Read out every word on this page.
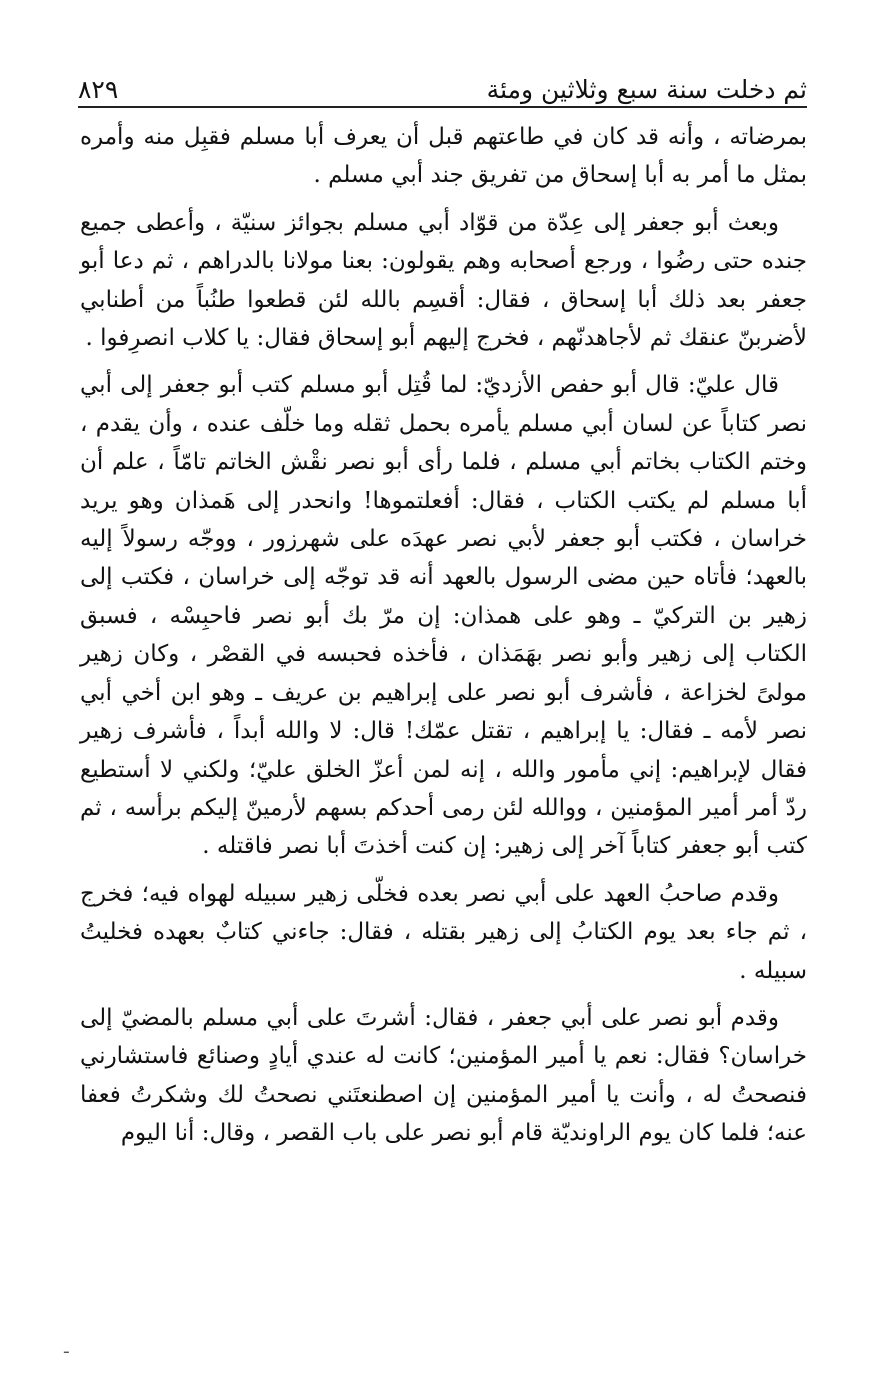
ثم دخلت سنة سبع وثلاثين ومئة
٨٢٩

بمرضاته ، وأنه قد كان في طاعتهم قبل أن يعرف أبا مسلم فقبِل منه وأمره بمثل ما أمر به أبا إسحاق من تفريق جند أبي مسلم .

وبعث أبو جعفر إلى عِدّة من قوّاد أبي مسلم بجوائز سنيّة ، وأعطى جميع جنده حتى رضُوا ، ورجع أصحابه وهم يقولون: بعنا مولانا بالدراهم ، ثم دعا أبو جعفر بعد ذلك أبا إسحاق ، فقال: أقسِم بالله لئن قطعوا طنُباً من أطنابي لأضربنّ عنقك ثم لأجاهدنّهم ، فخرج إليهم أبو إسحاق فقال: يا كلاب انصرِفوا .

قال عليّ: قال أبو حفص الأزديّ: لما قُتِل أبو مسلم كتب أبو جعفر إلى أبي نصر كتاباً عن لسان أبي مسلم يأمره بحمل ثقله وما خلّف عنده ، وأن يقدم ، وختم الكتاب بخاتم أبي مسلم ، فلما رأى أبو نصر نقْش الخاتم تامّاً ، علم أن أبا مسلم لم يكتب الكتاب ، فقال: أفعلتموها! وانحدر إلى هَمذان وهو يريد خراسان ، فكتب أبو جعفر لأبي نصر عهدَه على شهرزور ، ووجّه رسولاً إليه بالعهد؛ فأتاه حين مضى الرسول بالعهد أنه قد توجّه إلى خراسان ، فكتب إلى زهير بن التركيّ ـ وهو على همذان: إن مرّ بك أبو نصر فاحبِسْه ، فسبق الكتاب إلى زهير وأبو نصر بهَمَذان ، فأخذه فحبسه في القصْر ، وكان زهير مولىً لخزاعة ، فأشرف أبو نصر على إبراهيم بن عريف ـ وهو ابن أخي أبي نصر لأمه ـ فقال: يا إبراهيم ، تقتل عمّك! قال: لا والله أبداً ، فأشرف زهير فقال لإبراهيم: إني مأمور والله ، إنه لمن أعزّ الخلق عليّ؛ ولكني لا أستطيع ردّ أمر أمير المؤمنين ، ووالله لئن رمى أحدكم بسهم لأرمينّ إليكم برأسه ، ثم كتب أبو جعفر كتاباً آخر إلى زهير: إن كنت أخذتَ أبا نصر فاقتله .

وقدم صاحبُ العهد على أبي نصر بعده فخلّى زهير سبيله لهواه فيه؛ فخرج ، ثم جاء بعد يوم الكتابُ إلى زهير بقتله ، فقال: جاءني كتابٌ بعهده فخليتُ سبيله .

وقدم أبو نصر على أبي جعفر ، فقال: أشرتَ على أبي مسلم بالمضيّ إلى خراسان؟ فقال: نعم يا أمير المؤمنين؛ كانت له عندي أيادٍ وصنائع فاستشارني فنصحتُ له ، وأنت يا أمير المؤمنين إن اصطنعتَني نصحتُ لك وشكرتُ فعفا عنه؛ فلما كان يوم الراونديّة قام أبو نصر على باب القصر ، وقال: أنا اليوم

ـ
